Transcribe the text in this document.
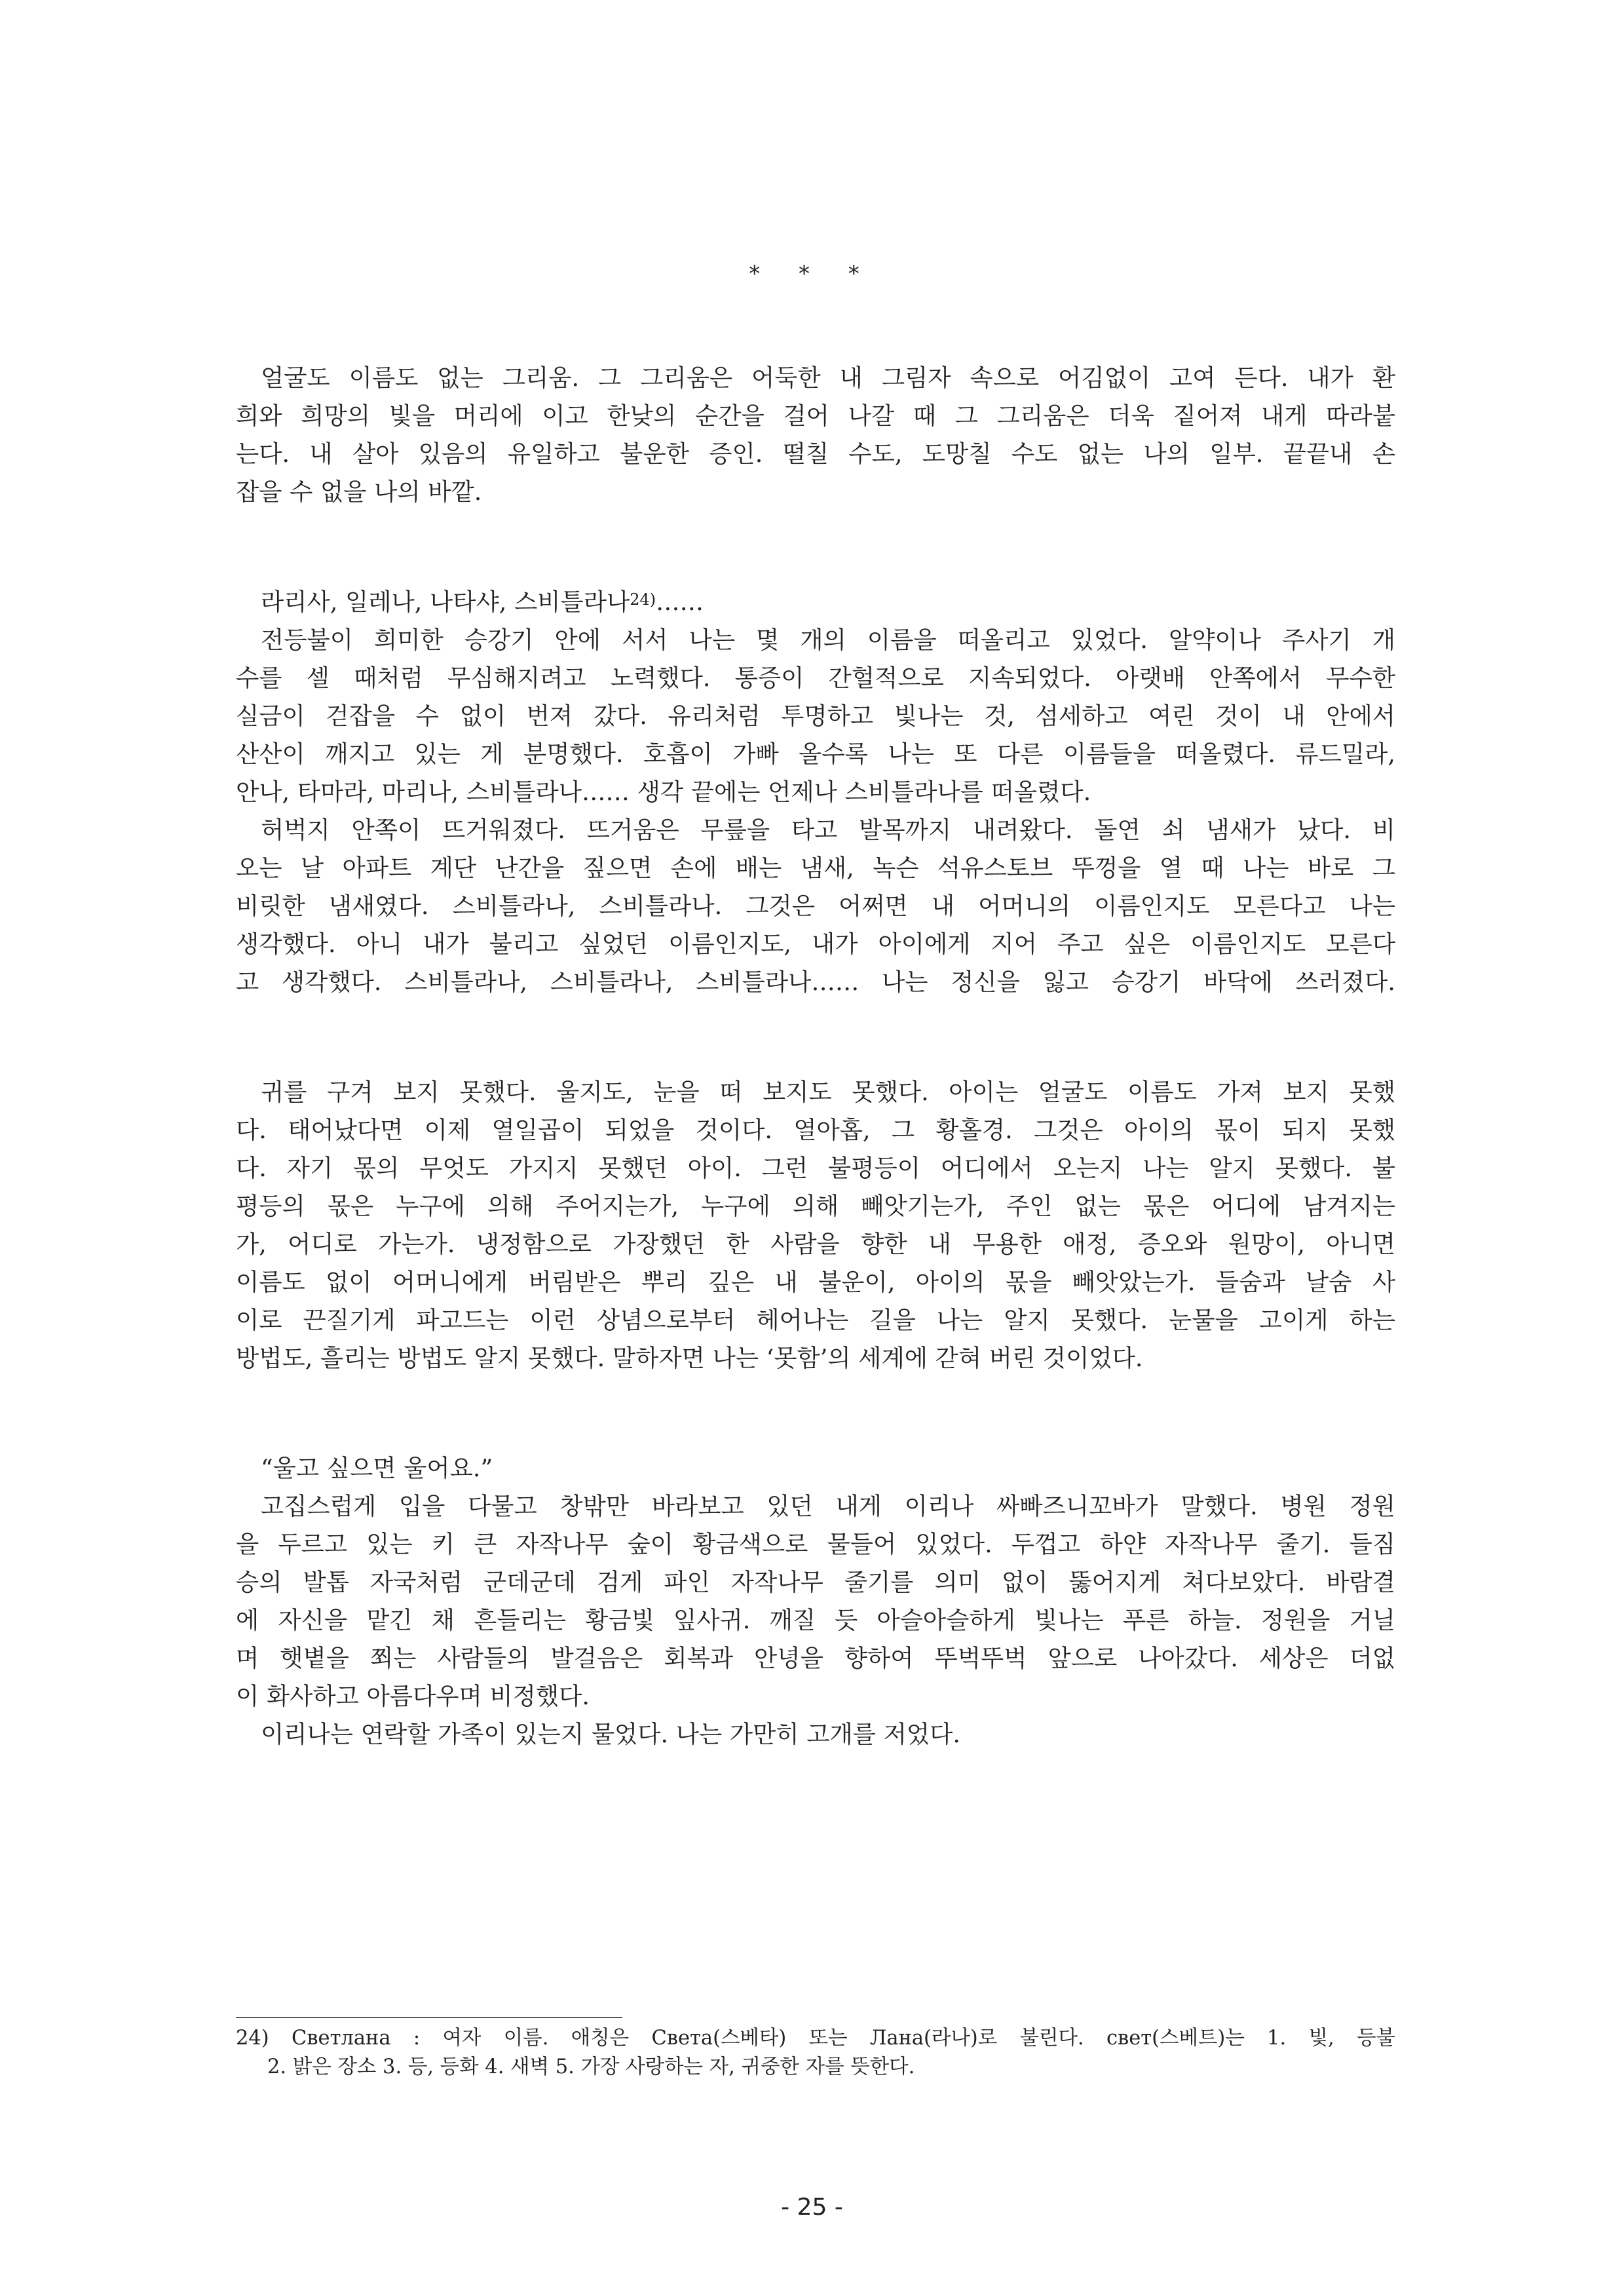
* * *
얼굴도 이름도 없는 그리움. 그 그리움은 어둑한 내 그림자 속으로 어김없이 고여 든다. 내가 환
희와 희망의 빛을 머리에 이고 한낮의 순간을 걸어 나갈 때 그 그리움은 더욱 짙어져 내게 따라붙
는다. 내 살아 있음의 유일하고 불운한 증인. 떨칠 수도, 도망칠 수도 없는 나의 일부. 끝끝내 손
잡을 수 없을 나의 바깥.
라리사, 일레나, 나타샤, 스비틀라나$^{24)}$……
전등불이 희미한 승강기 안에 서서 나는 몇 개의 이름을 떠올리고 있었다. 알약이나 주사기 개
수를 셀 때처럼 무심해지려고 노력했다. 통증이 간헐적으로 지속되었다. 아랫배 안쪽에서 무수한
실금이 걷잡을 수 없이 번져 갔다. 유리처럼 투명하고 빛나는 것, 섬세하고 여린 것이 내 안에서
산산이 깨지고 있는 게 분명했다. 호흡이 가빠 올수록 나는 또 다른 이름들을 떠올렸다. 류드밀라,
안나, 타마라, 마리나, 스비틀라나…… 생각 끝에는 언제나 스비틀라나를 떠올렸다.
허벅지 안쪽이 뜨거워졌다. 뜨거움은 무릎을 타고 발목까지 내려왔다. 돌연 쇠 냄새가 났다. 비
오는 날 아파트 계단 난간을 짚으면 손에 배는 냄새, 녹슨 석유스토브 뚜껑을 열 때 나는 바로 그
비릿한 냄새였다. 스비틀라나, 스비틀라나. 그것은 어쩌면 내 어머니의 이름인지도 모른다고 나는
생각했다. 아니 내가 불리고 싶었던 이름인지도, 내가 아이에게 지어 주고 싶은 이름인지도 모른다
고 생각했다. 스비틀라나, 스비틀라나, 스비틀라나…… 나는 정신을 잃고 승강기 바닥에 쓰러졌다.
귀를 구겨 보지 못했다. 울지도, 눈을 떠 보지도 못했다. 아이는 얼굴도 이름도 가져 보지 못했
다. 태어났다면 이제 열일곱이 되었을 것이다. 열아홉, 그 황홀경. 그것은 아이의 몫이 되지 못했
다. 자기 몫의 무엇도 가지지 못했던 아이. 그런 불평등이 어디에서 오는지 나는 알지 못했다. 불
평등의 몫은 누구에 의해 주어지는가, 누구에 의해 빼앗기는가, 주인 없는 몫은 어디에 남겨지는
가, 어디로 가는가. 냉정함으로 가장했던 한 사람을 향한 내 무용한 애정, 증오와 원망이, 아니면
이름도 없이 어머니에게 버림받은 뿌리 깊은 내 불운이, 아이의 몫을 빼앗았는가. 들숨과 날숨 사
이로 끈질기게 파고드는 이런 상념으로부터 헤어나는 길을 나는 알지 못했다. 눈물을 고이게 하는
방법도, 흘리는 방법도 알지 못했다. 말하자면 나는 ‘못함’의 세계에 갇혀 버린 것이었다.
“울고 싶으면 울어요.”
고집스럽게 입을 다물고 창밖만 바라보고 있던 내게 이리나 싸빠즈니꼬바가 말했다. 병원 정원
을 두르고 있는 키 큰 자작나무 숲이 황금색으로 물들어 있었다. 두껍고 하얀 자작나무 줄기. 들짐
승의 발톱 자국처럼 군데군데 검게 파인 자작나무 줄기를 의미 없이 뚫어지게 쳐다보았다. 바람결
에 자신을 맡긴 채 흔들리는 황금빛 잎사귀. 깨질 듯 아슬아슬하게 빛나는 푸른 하늘. 정원을 거닐
며 햇볕을 쬐는 사람들의 발걸음은 회복과 안녕을 향하여 뚜벅뚜벅 앞으로 나아갔다. 세상은 더없
이 화사하고 아름다우며 비정했다.
이리나는 연락할 가족이 있는지 물었다. 나는 가만히 고개를 저었다.
24) Светлана : 여자 이름. 애칭은 Света(스베타) 또는 Лана(라나)로 불린다. свет(스베트)는 1. 빛, 등불
2. 밝은 장소 3. 등, 등화 4. 새벽 5. 가장 사랑하는 자, 귀중한 자를 뜻한다.
- 25 -
